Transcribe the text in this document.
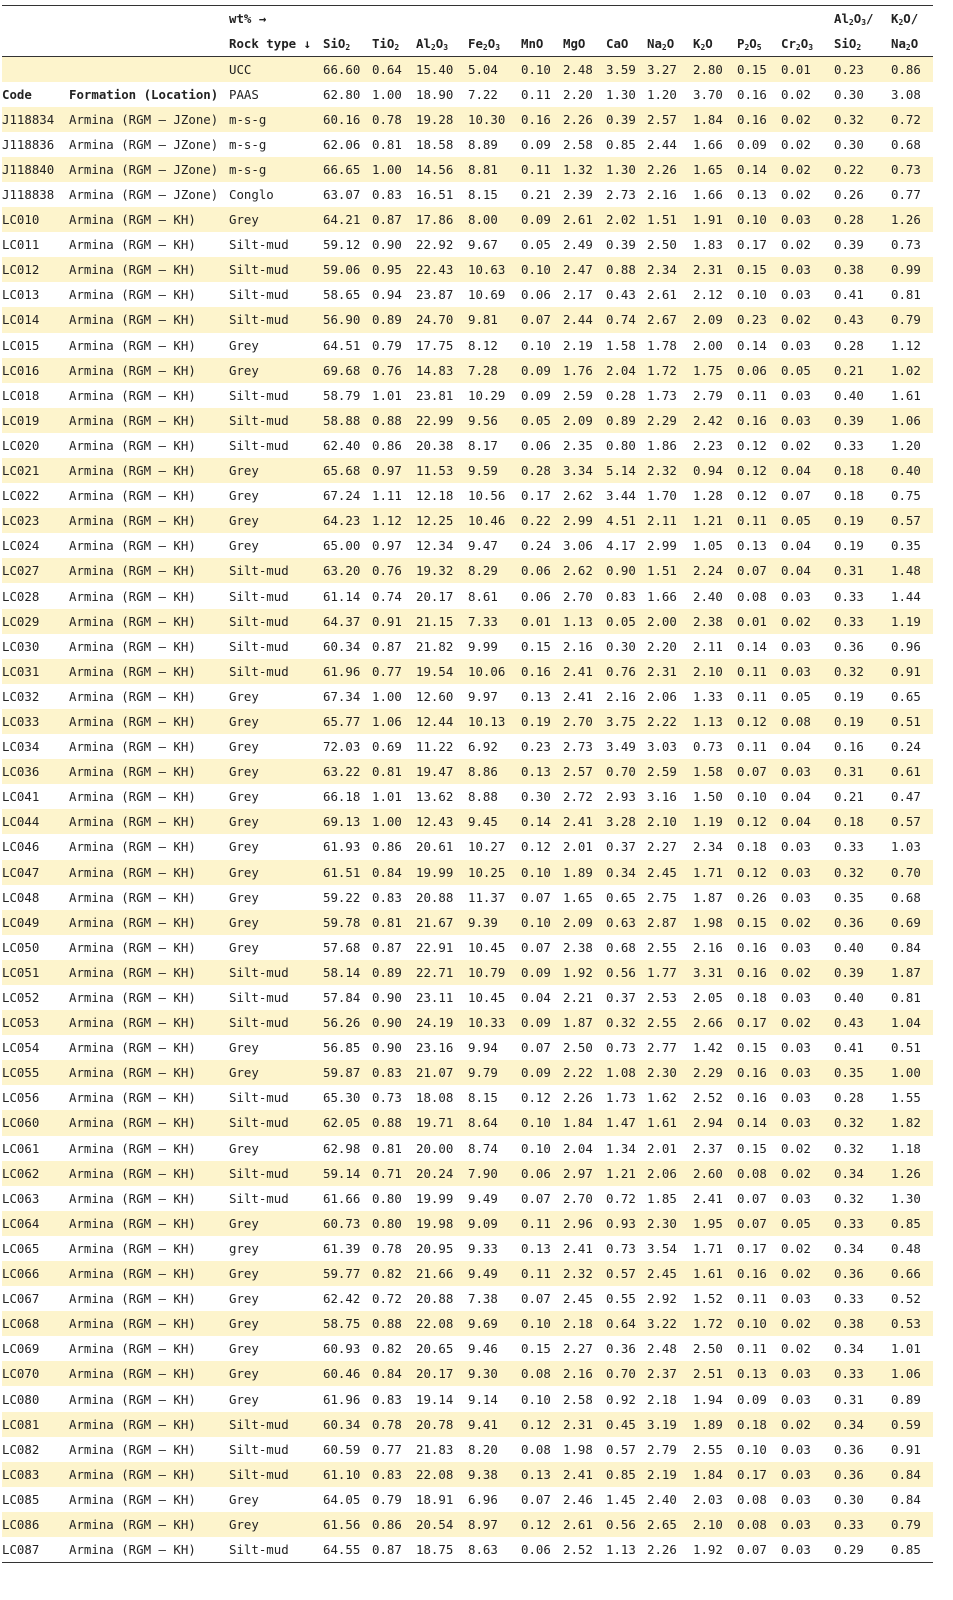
		wt% →												$Al_2O_3/$	$K_2O/$
		Rock type ↓	SiO$_2$	TiO$_2$	$Al_2O_3$	$Fe_2O_3$	MnO	MgO	CaO	$Na_2O$	$K_2O$	$P_2O_5$	$Cr_2O_3$	SiO$_2$	$Na_2O$
		UCC	66.60	0.64	15.40	5.04	0.10	2.48	3.59	3.27	2.80	0.15	0.01	0.23	0.86
Code	Formation (Location)	PAAS	62.80	1.00	18.90	7.22	0.11	2.20	1.30	1.20	3.70	0.16	0.02	0.30	3.08
J118834	Armina (RGM – JZone)	m-s-g	60.16	0.78	19.28	10.30	0.16	2.26	0.39	2.57	1.84	0.16	0.02	0.32	0.72
J118836	Armina (RGM – JZone)	m-s-g	62.06	0.81	18.58	8.89	0.09	2.58	0.85	2.44	1.66	0.09	0.02	0.30	0.68
J118840	Armina (RGM – JZone)	m-s-g	66.65	1.00	14.56	8.81	0.11	1.32	1.30	2.26	1.65	0.14	0.02	0.22	0.73
J118838	Armina (RGM – JZone)	Conglo	63.07	0.83	16.51	8.15	0.21	2.39	2.73	2.16	1.66	0.13	0.02	0.26	0.77
LC010	Armina (RGM – KH)	Grey	64.21	0.87	17.86	8.00	0.09	2.61	2.02	1.51	1.91	0.10	0.03	0.28	1.26
LC011	Armina (RGM – KH)	Silt-mud	59.12	0.90	22.92	9.67	0.05	2.49	0.39	2.50	1.83	0.17	0.02	0.39	0.73
LC012	Armina (RGM – KH)	Silt-mud	59.06	0.95	22.43	10.63	0.10	2.47	0.88	2.34	2.31	0.15	0.03	0.38	0.99
LC013	Armina (RGM – KH)	Silt-mud	58.65	0.94	23.87	10.69	0.06	2.17	0.43	2.61	2.12	0.10	0.03	0.41	0.81
LC014	Armina (RGM – KH)	Silt-mud	56.90	0.89	24.70	9.81	0.07	2.44	0.74	2.67	2.09	0.23	0.02	0.43	0.79
LC015	Armina (RGM – KH)	Grey	64.51	0.79	17.75	8.12	0.10	2.19	1.58	1.78	2.00	0.14	0.03	0.28	1.12
LC016	Armina (RGM – KH)	Grey	69.68	0.76	14.83	7.28	0.09	1.76	2.04	1.72	1.75	0.06	0.05	0.21	1.02
LC018	Armina (RGM – KH)	Silt-mud	58.79	1.01	23.81	10.29	0.09	2.59	0.28	1.73	2.79	0.11	0.03	0.40	1.61
LC019	Armina (RGM – KH)	Silt-mud	58.88	0.88	22.99	9.56	0.05	2.09	0.89	2.29	2.42	0.16	0.03	0.39	1.06
LC020	Armina (RGM – KH)	Silt-mud	62.40	0.86	20.38	8.17	0.06	2.35	0.80	1.86	2.23	0.12	0.02	0.33	1.20
LC021	Armina (RGM – KH)	Grey	65.68	0.97	11.53	9.59	0.28	3.34	5.14	2.32	0.94	0.12	0.04	0.18	0.40
LC022	Armina (RGM – KH)	Grey	67.24	1.11	12.18	10.56	0.17	2.62	3.44	1.70	1.28	0.12	0.07	0.18	0.75
LC023	Armina (RGM – KH)	Grey	64.23	1.12	12.25	10.46	0.22	2.99	4.51	2.11	1.21	0.11	0.05	0.19	0.57
LC024	Armina (RGM – KH)	Grey	65.00	0.97	12.34	9.47	0.24	3.06	4.17	2.99	1.05	0.13	0.04	0.19	0.35
LC027	Armina (RGM – KH)	Silt-mud	63.20	0.76	19.32	8.29	0.06	2.62	0.90	1.51	2.24	0.07	0.04	0.31	1.48
LC028	Armina (RGM – KH)	Silt-mud	61.14	0.74	20.17	8.61	0.06	2.70	0.83	1.66	2.40	0.08	0.03	0.33	1.44
LC029	Armina (RGM – KH)	Silt-mud	64.37	0.91	21.15	7.33	0.01	1.13	0.05	2.00	2.38	0.01	0.02	0.33	1.19
LC030	Armina (RGM – KH)	Silt-mud	60.34	0.87	21.82	9.99	0.15	2.16	0.30	2.20	2.11	0.14	0.03	0.36	0.96
LC031	Armina (RGM – KH)	Silt-mud	61.96	0.77	19.54	10.06	0.16	2.41	0.76	2.31	2.10	0.11	0.03	0.32	0.91
LC032	Armina (RGM – KH)	Grey	67.34	1.00	12.60	9.97	0.13	2.41	2.16	2.06	1.33	0.11	0.05	0.19	0.65
LC033	Armina (RGM – KH)	Grey	65.77	1.06	12.44	10.13	0.19	2.70	3.75	2.22	1.13	0.12	0.08	0.19	0.51
LC034	Armina (RGM – KH)	Grey	72.03	0.69	11.22	6.92	0.23	2.73	3.49	3.03	0.73	0.11	0.04	0.16	0.24
LC036	Armina (RGM – KH)	Grey	63.22	0.81	19.47	8.86	0.13	2.57	0.70	2.59	1.58	0.07	0.03	0.31	0.61
LC041	Armina (RGM – KH)	Grey	66.18	1.01	13.62	8.88	0.30	2.72	2.93	3.16	1.50	0.10	0.04	0.21	0.47
LC044	Armina (RGM – KH)	Grey	69.13	1.00	12.43	9.45	0.14	2.41	3.28	2.10	1.19	0.12	0.04	0.18	0.57
LC046	Armina (RGM – KH)	Grey	61.93	0.86	20.61	10.27	0.12	2.01	0.37	2.27	2.34	0.18	0.03	0.33	1.03
LC047	Armina (RGM – KH)	Grey	61.51	0.84	19.99	10.25	0.10	1.89	0.34	2.45	1.71	0.12	0.03	0.32	0.70
LC048	Armina (RGM – KH)	Grey	59.22	0.83	20.88	11.37	0.07	1.65	0.65	2.75	1.87	0.26	0.03	0.35	0.68
LC049	Armina (RGM – KH)	Grey	59.78	0.81	21.67	9.39	0.10	2.09	0.63	2.87	1.98	0.15	0.02	0.36	0.69
LC050	Armina (RGM – KH)	Grey	57.68	0.87	22.91	10.45	0.07	2.38	0.68	2.55	2.16	0.16	0.03	0.40	0.84
LC051	Armina (RGM – KH)	Silt-mud	58.14	0.89	22.71	10.79	0.09	1.92	0.56	1.77	3.31	0.16	0.02	0.39	1.87
LC052	Armina (RGM – KH)	Silt-mud	57.84	0.90	23.11	10.45	0.04	2.21	0.37	2.53	2.05	0.18	0.03	0.40	0.81
LC053	Armina (RGM – KH)	Silt-mud	56.26	0.90	24.19	10.33	0.09	1.87	0.32	2.55	2.66	0.17	0.02	0.43	1.04
LC054	Armina (RGM – KH)	Grey	56.85	0.90	23.16	9.94	0.07	2.50	0.73	2.77	1.42	0.15	0.03	0.41	0.51
LC055	Armina (RGM – KH)	Grey	59.87	0.83	21.07	9.79	0.09	2.22	1.08	2.30	2.29	0.16	0.03	0.35	1.00
LC056	Armina (RGM – KH)	Silt-mud	65.30	0.73	18.08	8.15	0.12	2.26	1.73	1.62	2.52	0.16	0.03	0.28	1.55
LC060	Armina (RGM – KH)	Silt-mud	62.05	0.88	19.71	8.64	0.10	1.84	1.47	1.61	2.94	0.14	0.03	0.32	1.82
LC061	Armina (RGM – KH)	Grey	62.98	0.81	20.00	8.74	0.10	2.04	1.34	2.01	2.37	0.15	0.02	0.32	1.18
LC062	Armina (RGM – KH)	Silt-mud	59.14	0.71	20.24	7.90	0.06	2.97	1.21	2.06	2.60	0.08	0.02	0.34	1.26
LC063	Armina (RGM – KH)	Silt-mud	61.66	0.80	19.99	9.49	0.07	2.70	0.72	1.85	2.41	0.07	0.03	0.32	1.30
LC064	Armina (RGM – KH)	Grey	60.73	0.80	19.98	9.09	0.11	2.96	0.93	2.30	1.95	0.07	0.05	0.33	0.85
LC065	Armina (RGM – KH)	grey	61.39	0.78	20.95	9.33	0.13	2.41	0.73	3.54	1.71	0.17	0.02	0.34	0.48
LC066	Armina (RGM – KH)	Grey	59.77	0.82	21.66	9.49	0.11	2.32	0.57	2.45	1.61	0.16	0.02	0.36	0.66
LC067	Armina (RGM – KH)	Grey	62.42	0.72	20.88	7.38	0.07	2.45	0.55	2.92	1.52	0.11	0.03	0.33	0.52
LC068	Armina (RGM – KH)	Grey	58.75	0.88	22.08	9.69	0.10	2.18	0.64	3.22	1.72	0.10	0.02	0.38	0.53
LC069	Armina (RGM – KH)	Grey	60.93	0.82	20.65	9.46	0.15	2.27	0.36	2.48	2.50	0.11	0.02	0.34	1.01
LC070	Armina (RGM – KH)	Grey	60.46	0.84	20.17	9.30	0.08	2.16	0.70	2.37	2.51	0.13	0.03	0.33	1.06
LC080	Armina (RGM – KH)	Grey	61.96	0.83	19.14	9.14	0.10	2.58	0.92	2.18	1.94	0.09	0.03	0.31	0.89
LC081	Armina (RGM – KH)	Silt-mud	60.34	0.78	20.78	9.41	0.12	2.31	0.45	3.19	1.89	0.18	0.02	0.34	0.59
LC082	Armina (RGM – KH)	Silt-mud	60.59	0.77	21.83	8.20	0.08	1.98	0.57	2.79	2.55	0.10	0.03	0.36	0.91
LC083	Armina (RGM – KH)	Silt-mud	61.10	0.83	22.08	9.38	0.13	2.41	0.85	2.19	1.84	0.17	0.03	0.36	0.84
LC085	Armina (RGM – KH)	Grey	64.05	0.79	18.91	6.96	0.07	2.46	1.45	2.40	2.03	0.08	0.03	0.30	0.84
LC086	Armina (RGM – KH)	Grey	61.56	0.86	20.54	8.97	0.12	2.61	0.56	2.65	2.10	0.08	0.03	0.33	0.79
LC087	Armina (RGM – KH)	Silt-mud	64.55	0.87	18.75	8.63	0.06	2.52	1.13	2.26	1.92	0.07	0.03	0.29	0.85
